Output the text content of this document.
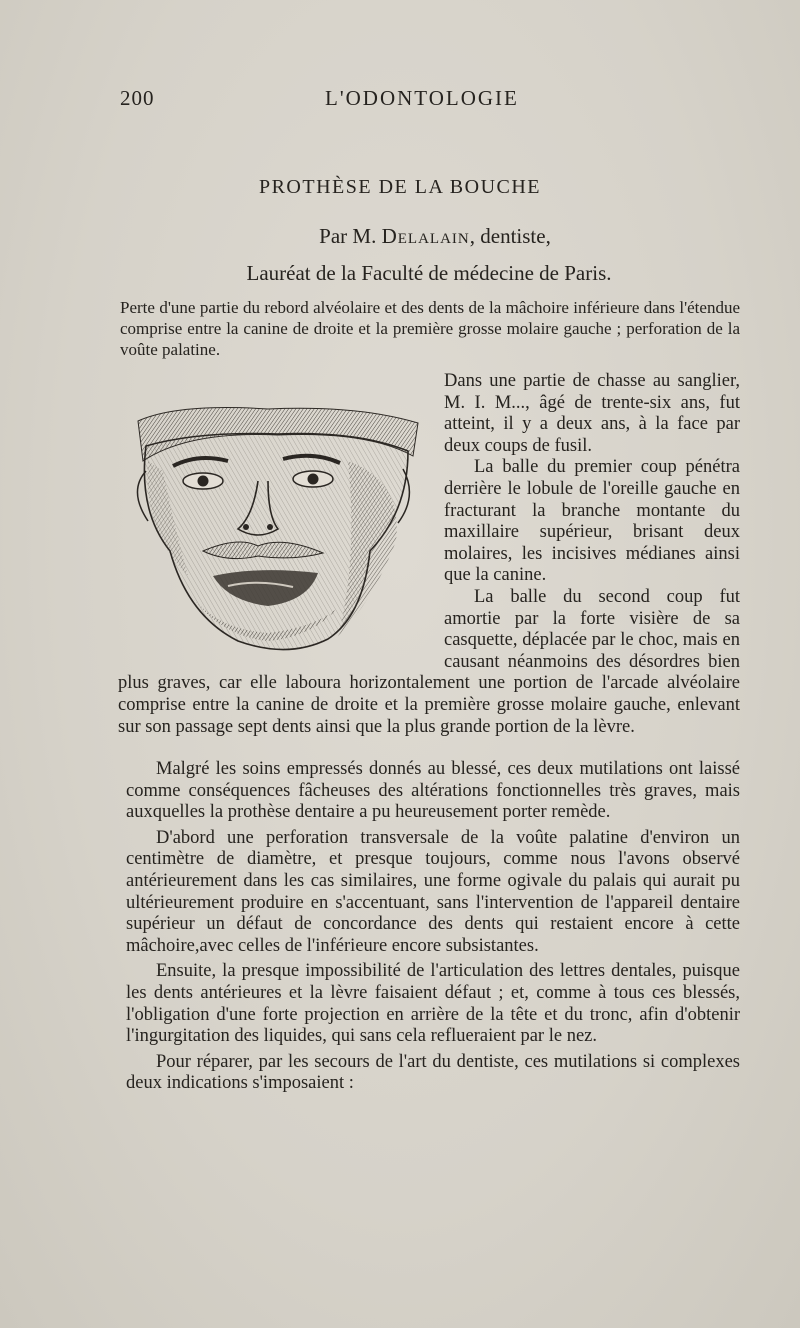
200	L'ODONTOLOGIE
PROTHÈSE DE LA BOUCHE
Par M. Delalain, dentiste,
Lauréat de la Faculté de médecine de Paris.
Perte d'une partie du rebord alvéolaire et des dents de la mâchoire inférieure dans l'étendue comprise entre la canine de droite et la première grosse molaire gauche ; perforation de la voûte palatine.

Dans une partie de chasse au sanglier, M. I. M..., âgé de trente-six ans, fut atteint, il y a deux ans, à la face par deux coups de fusil.

La balle du premier coup pénétra derrière le lobule de l'oreille gauche en fracturant la branche montante du maxillaire supérieur, brisant deux molaires, les incisives médianes ainsi que la canine.

La balle du second coup fut amortie par la forte visière de sa casquette, déplacée par le choc, mais en causant néanmoins des désordres bien plus graves, car elle laboura horizontalement une portion de l'arcade alvéolaire comprise entre la canine de droite et la première grosse molaire gauche, enlevant sur son passage sept dents ainsi que la plus grande portion de la lèvre.

Malgré les soins empressés donnés au blessé, ces deux mutilations ont laissé comme conséquences fâcheuses des altérations fonctionnelles très graves, mais auxquelles la prothèse dentaire a pu heureusement porter remède.

D'abord une perforation transversale de la voûte palatine d'environ un centimètre de diamètre, et presque toujours, comme nous l'avons observé antérieurement dans les cas similaires, une forme ogivale du palais qui aurait pu ultérieurement produire en s'accentuant, sans l'intervention de l'appareil dentaire supérieur un défaut de concordance des dents qui restaient encore à cette mâchoire,avec celles de l'inférieure encore subsistantes.

Ensuite, la presque impossibilité de l'articulation des lettres dentales, puisque les dents antérieures et la lèvre faisaient défaut ; et, comme à tous ces blessés, l'obligation d'une forte projection en arrière de la tête et du tronc, afin d'obtenir l'ingurgitation des liquides, qui sans cela reflueraient par le nez.

Pour réparer, par les secours de l'art du dentiste, ces mutilations si complexes deux indications s'imposaient :
